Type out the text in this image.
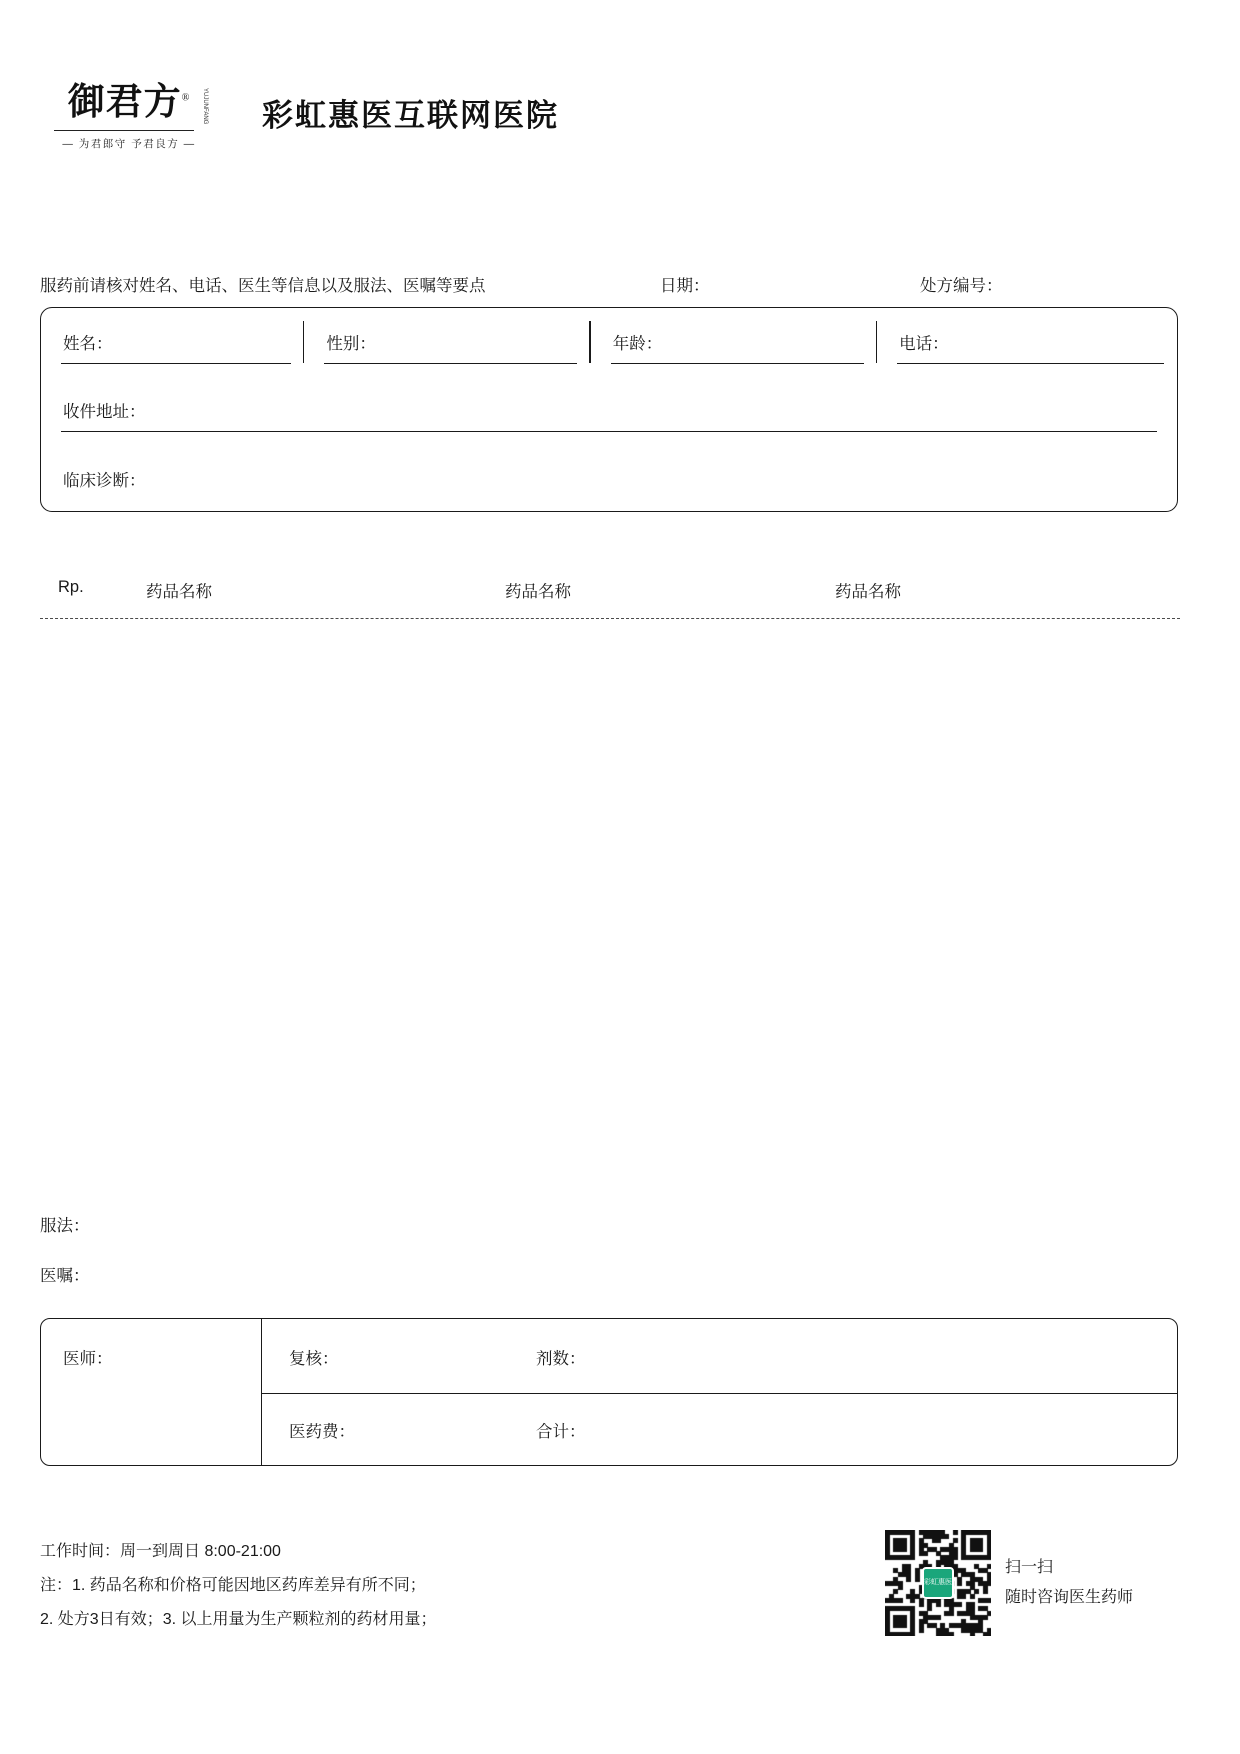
御君方®	YUJUNFANG
— 为君郎守 予君良方 —
彩虹惠医互联网医院
服药前请核对姓名、电话、医生等信息以及服法、医嘱等要点	日期：	处方编号：
姓名：	性别：	年龄：	电话：
收件地址：
临床诊断：
Rp.	药品名称	药品名称	药品名称
服法：
医嘱：
医师：	复核：	剂数：
医药费：	合计：
工作时间：周一到周日 8:00-21:00
注：1. 药品名称和价格可能因地区药库差异有所不同；
2. 处方3日有效；3. 以上用量为生产颗粒剂的药材用量；
彩虹惠医
扫一扫
随时咨询医生药师
